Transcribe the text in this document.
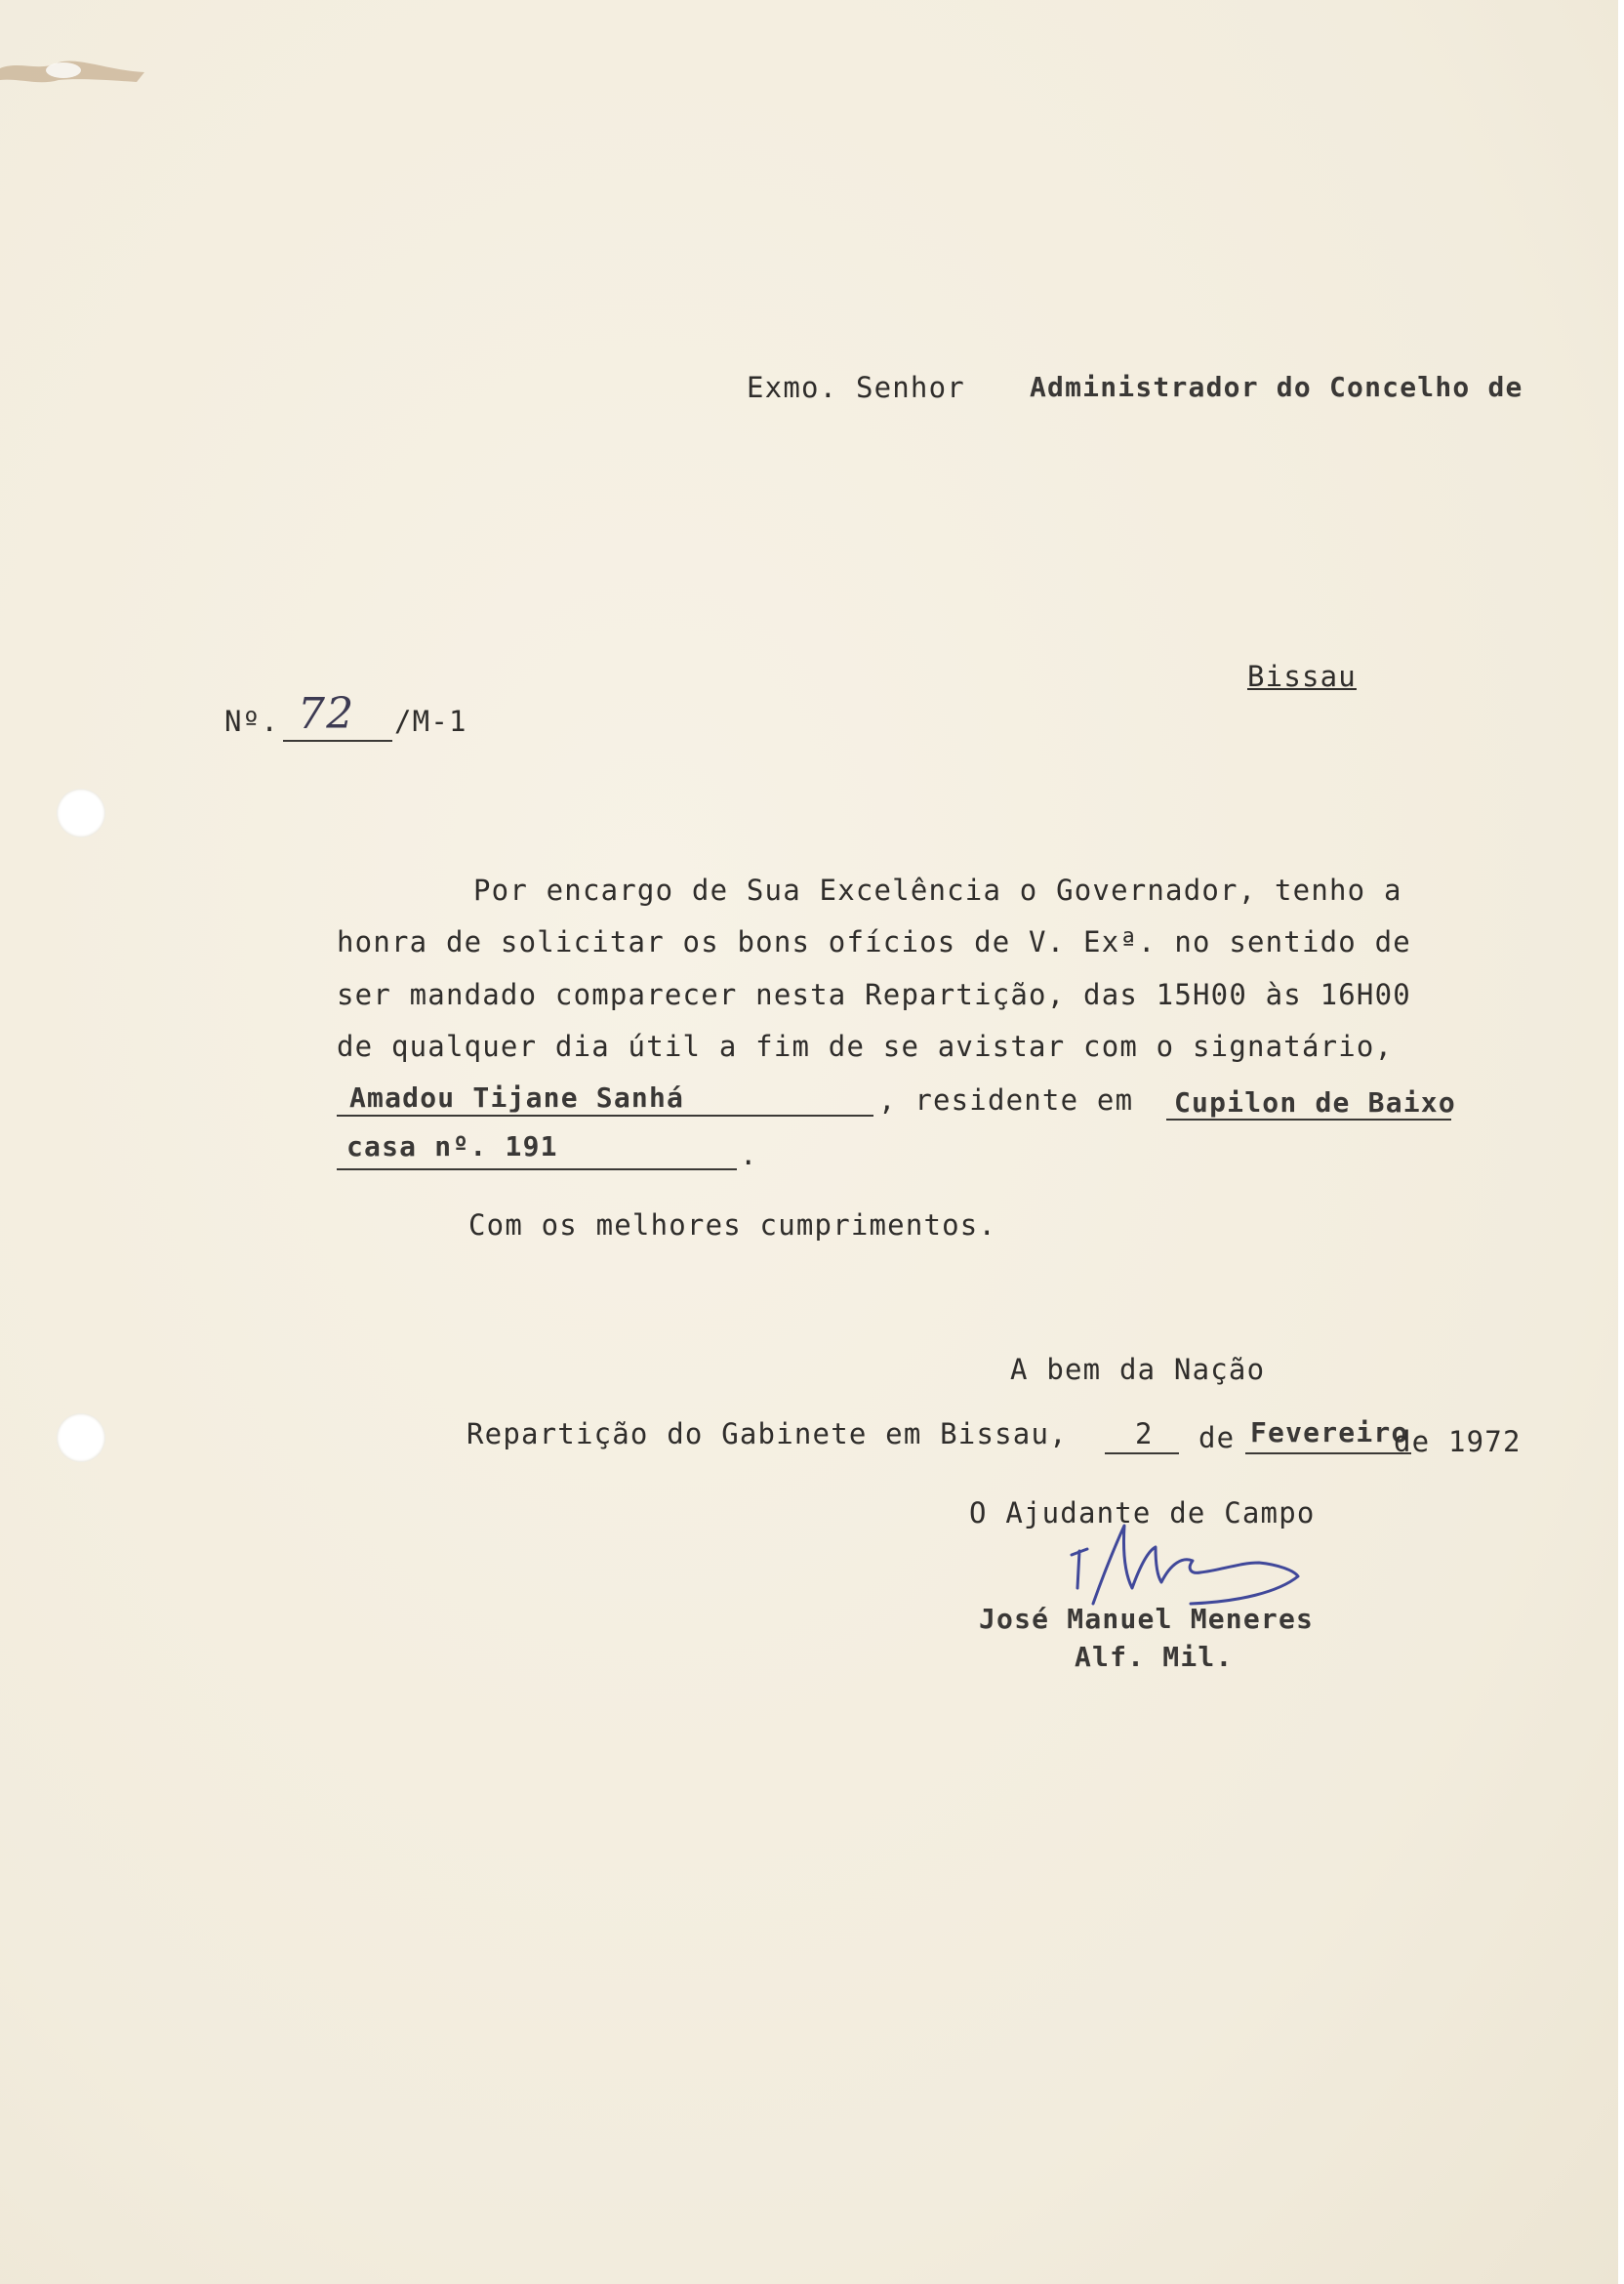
Exmo. Senhor Administrador do Concelho de
Bissau
Nº. 72 /M-1
Por encargo de Sua Excelência o Governador, tenho a
honra de solicitar os bons ofícios de V. Exª. no sentido de
ser mandado comparecer nesta Repartição, das 15H00 às 16H00
de qualquer dia útil a fim de se avistar com o signatário,
Amadou Tijane Sanhá	, residente em Cupilon de Baixo
casa nº. 191	.
Com os melhores cumprimentos.
A bem da Nação
Repartição do Gabinete em Bissau, 2 de Fevereiro
de 1972
O Ajudante de Campo
José Manuel Meneres
Alf. Mil.
